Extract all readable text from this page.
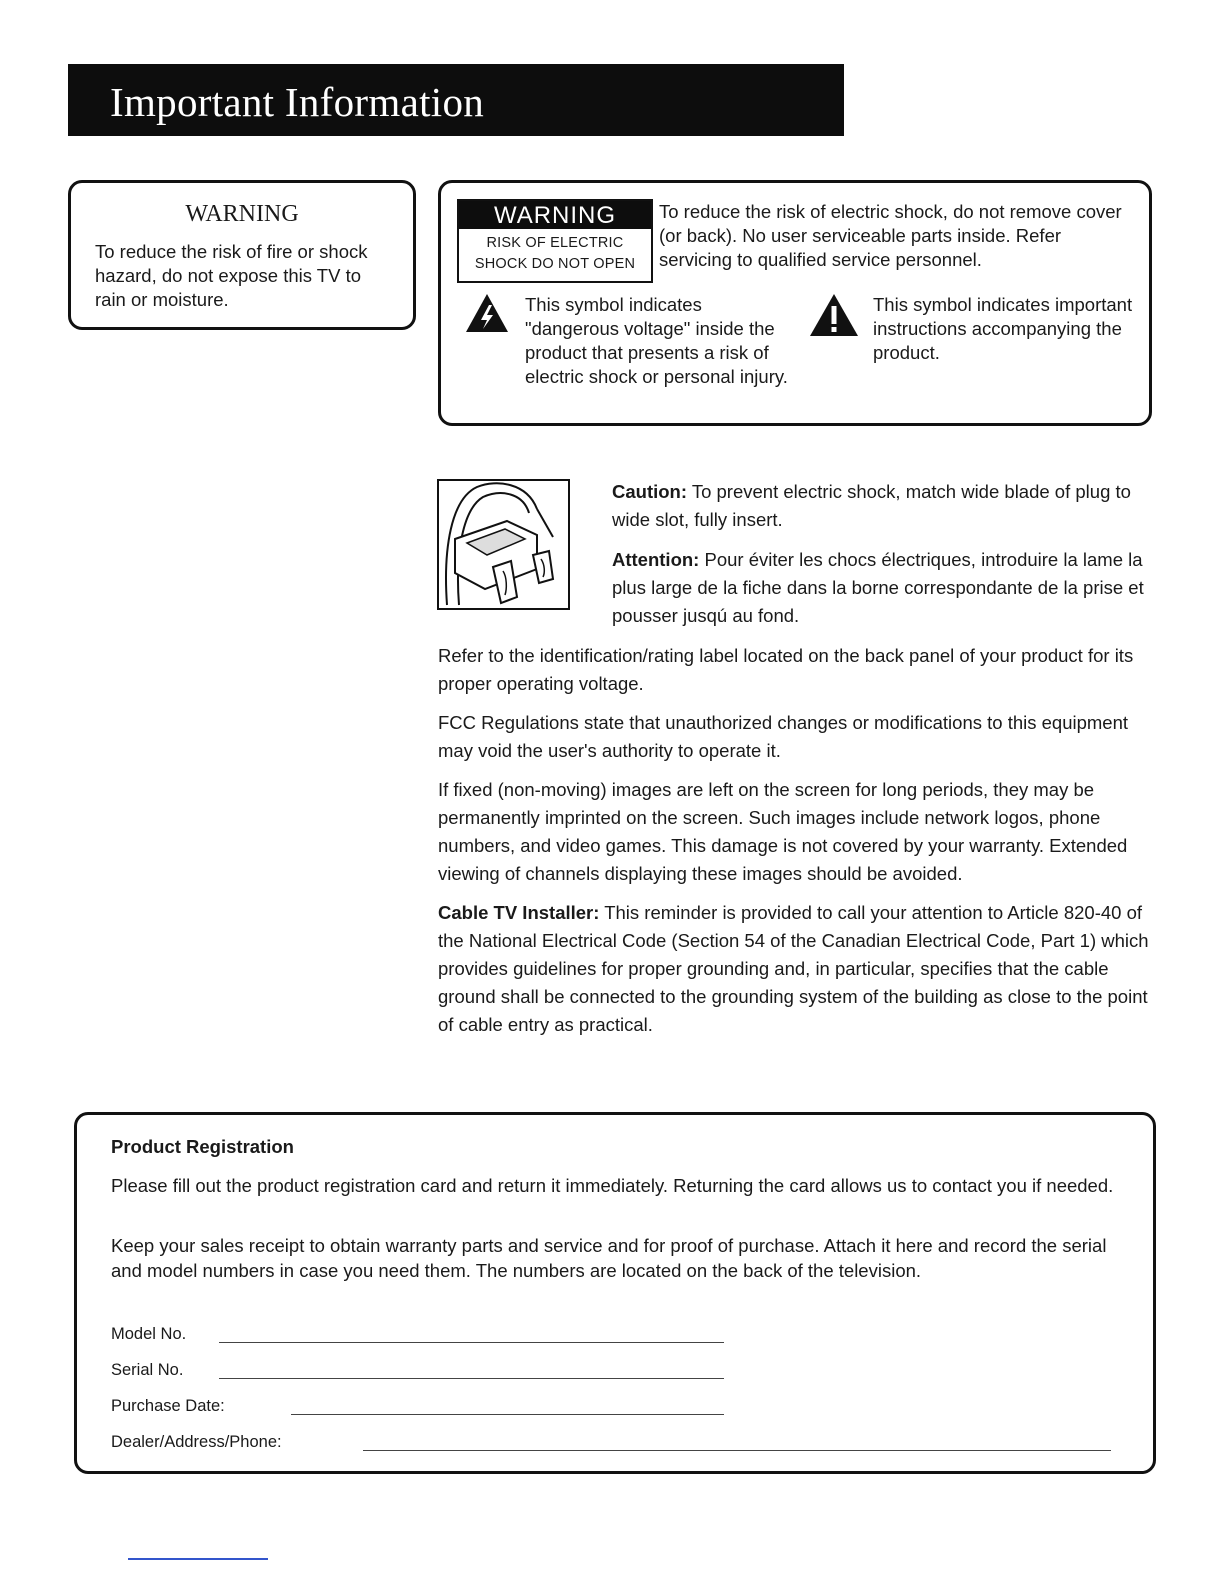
Important Information
WARNING
To reduce the risk of fire or shock hazard, do not expose this TV to rain or moisture.
WARNING
RISK OF ELECTRIC
SHOCK DO NOT OPEN
To reduce the risk of electric shock, do not remove cover (or back). No user serviceable parts inside. Refer servicing to qualified service personnel.
This symbol indicates "dangerous voltage" inside the product that presents a risk of electric shock or personal injury.
This symbol indicates important instructions accompanying the product.

Caution: To prevent electric shock, match wide blade of plug to wide slot, fully insert.

Attention: Pour éviter les chocs électriques, introduire la lame la plus large de la fiche dans la borne correspondante de la prise et pousser jusqú au fond.

Refer to the identification/rating label located on the back panel of your product for its proper operating voltage.

FCC Regulations state that unauthorized changes or modifications to this equipment may void the user's authority to operate it.

If fixed (non-moving) images are left on the screen for long periods, they may be permanently imprinted on the screen. Such images include network logos, phone numbers, and video games. This damage is not covered by your warranty. Extended viewing of channels displaying these images should be avoided.

Cable TV Installer: This reminder is provided to call your attention to Article 820-40 of the National Electrical Code (Section 54 of the Canadian Electrical Code, Part 1) which provides guidelines for proper grounding and, in particular, specifies that the cable ground shall be connected to the grounding system of the building as close to the point of cable entry as practical.

Product Registration

Please fill out the product registration card and return it immediately. Returning the card allows us to contact you if needed.

Keep your sales receipt to obtain warranty parts and service and for proof of purchase. Attach it here and record the serial and model numbers in case you need them. The numbers are located on the back of the television.

Model No.
Serial No.
Purchase Date:
Dealer/Address/Phone:
